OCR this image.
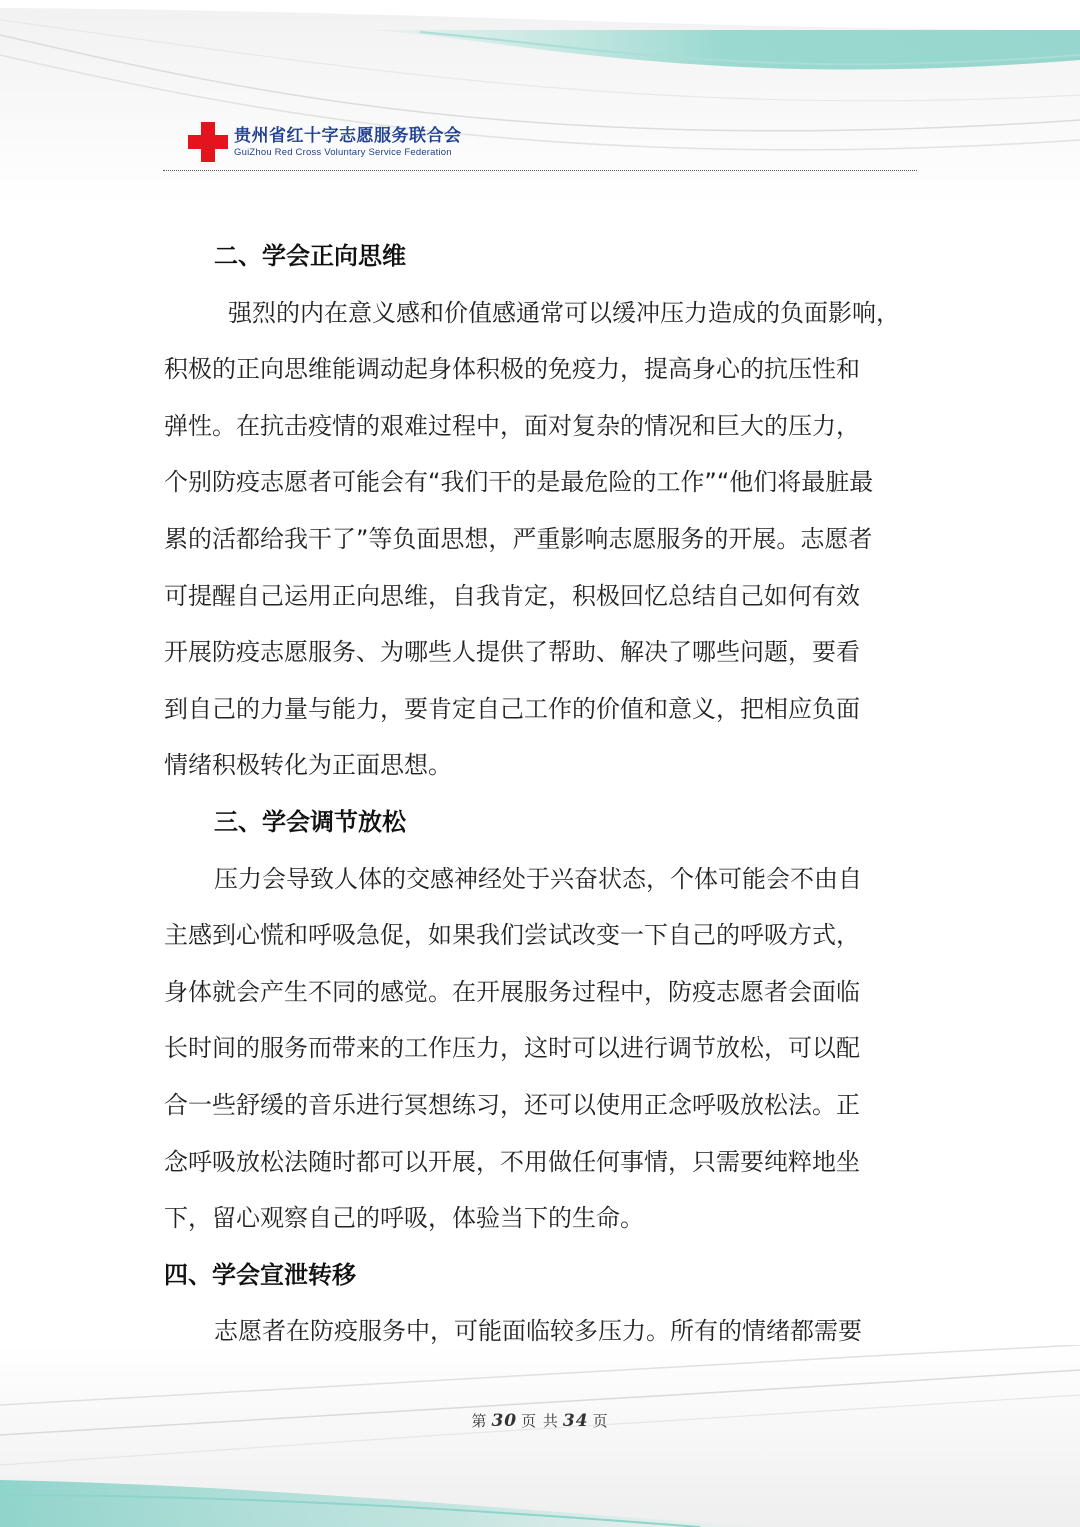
贵州省红十字志愿服务联合会
GuiZhou Red Cross Voluntary Service Federation
二、学会正向思维
强烈的内在意义感和价值感通常可以缓冲压力造成的负面影响，
积极的正向思维能调动起身体积极的免疫力，提高身心的抗压性和
弹性。在抗击疫情的艰难过程中，面对复杂的情况和巨大的压力，
个别防疫志愿者可能会有“我们干的是最危险的工作”“他们将最脏最
累的活都给我干了”等负面思想，严重影响志愿服务的开展。志愿者
可提醒自己运用正向思维，自我肯定，积极回忆总结自己如何有效
开展防疫志愿服务、为哪些人提供了帮助、解决了哪些问题，要看
到自己的力量与能力，要肯定自己工作的价值和意义，把相应负面
情绪积极转化为正面思想。
三、学会调节放松
压力会导致人体的交感神经处于兴奋状态，个体可能会不由自
主感到心慌和呼吸急促，如果我们尝试改变一下自己的呼吸方式，
身体就会产生不同的感觉。在开展服务过程中，防疫志愿者会面临
长时间的服务而带来的工作压力，这时可以进行调节放松，可以配
合一些舒缓的音乐进行冥想练习，还可以使用正念呼吸放松法。正
念呼吸放松法随时都可以开展，不用做任何事情，只需要纯粹地坐
下，留心观察自己的呼吸，体验当下的生命。
四、学会宣泄转移
志愿者在防疫服务中，可能面临较多压力。所有的情绪都需要
第 30 页 共 34 页
